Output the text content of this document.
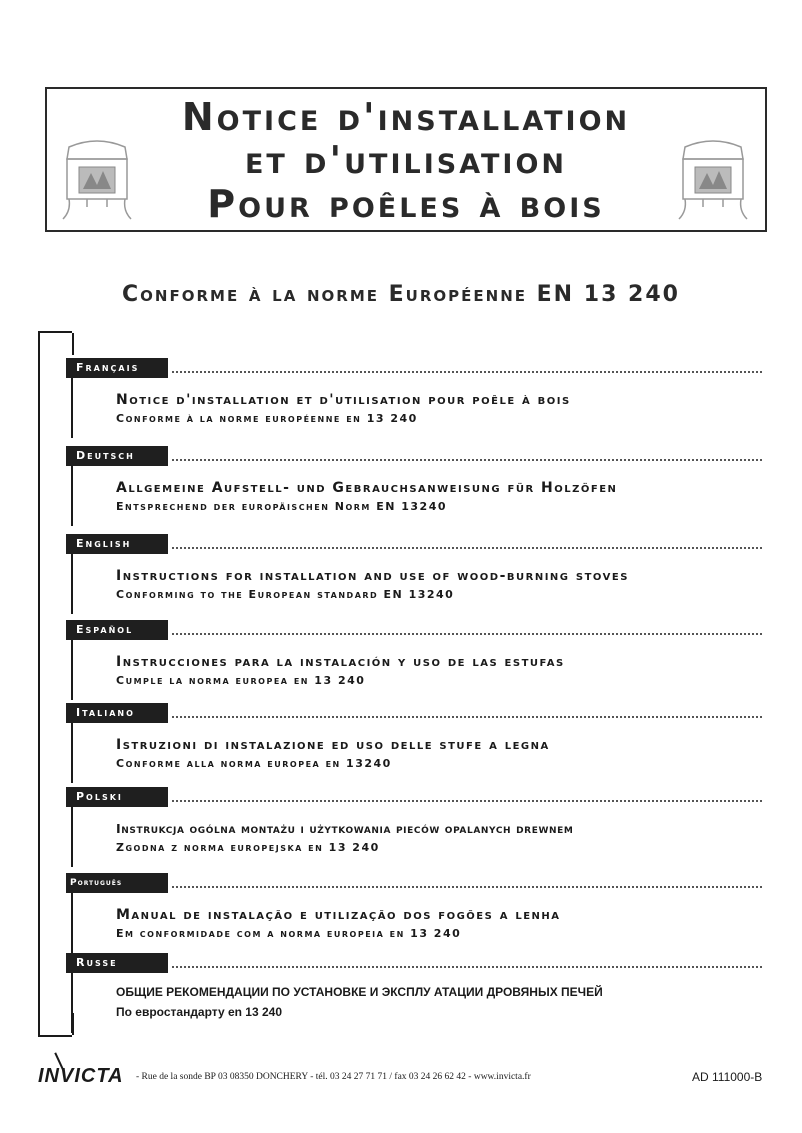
Notice d'installation
et d'utilisation
Pour poêles à bois
Conforme à la norme Européenne EN 13 240
Français
Notice d'installation et d'utilisation pour poêle à bois
Conforme à la norme européenne en 13 240
Deutsch
Allgemeine Aufstell- und Gebrauchsanweisung für Holzöfen
Entsprechend der europäischen Norm EN 13240
English
Instructions for installation and use of wood-burning stoves
Conforming to the European standard EN 13240
Español
Instrucciones para la instalación y uso de las estufas
Cumple la norma europea en 13 240
Italiano
Istruzioni di instalazione ed uso delle stufe a legna
Conforme alla norma europea en 13240
Polski
Instrukcja ogólna montażu i użytkowania pieców opalanych drewnem
Zgodna z norma europejska en 13 240
Português
Manual de instalação e utilização dos fogões a lenha
Em conformidade com a norma europeia en 13 240
Russe
ОБЩИЕ РЕКОМЕНДАЦИИ ПО УСТАНОВКЕ И ЭКСПЛУ АТАЦИИ ДРОВЯНЫХ ПЕЧЕЙ
По евростандарту en 13 240
INVICTA - Rue de la sonde BP 03 08350 DONCHERY - tél. 03 24 27 71 71 / fax 03 24 26 62 42 - www.invicta.fr	AD 111000-B
